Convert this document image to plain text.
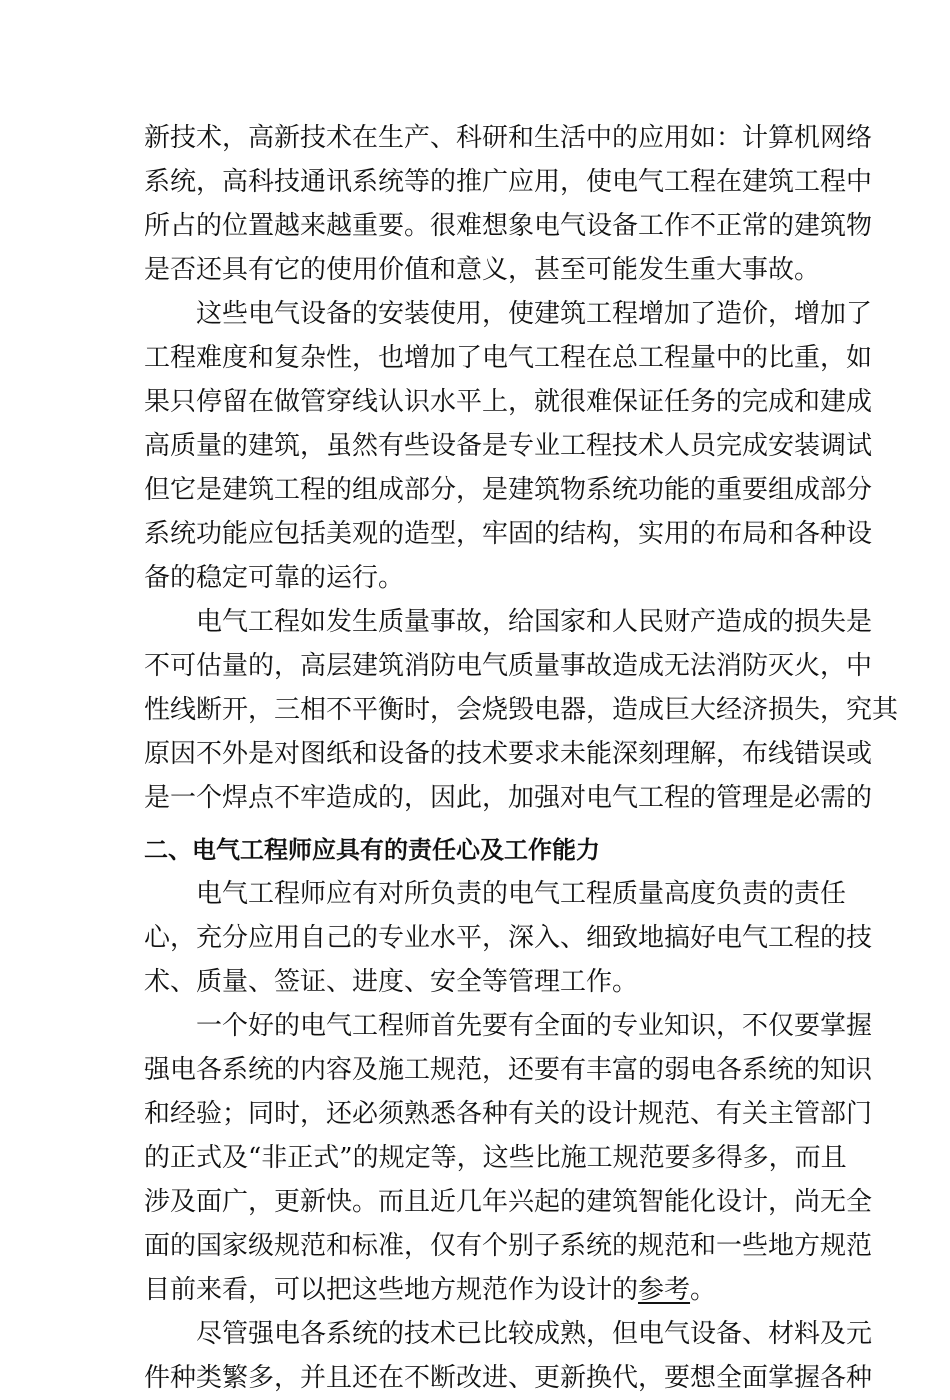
新技术，高新技术在生产、科研和生活中的应用如：计算机网络
系统，高科技通讯系统等的推广应用，使电气工程在建筑工程中
所占的位置越来越重要。很难想象电气设备工作不正常的建筑物
是否还具有它的使用价值和意义，甚至可能发生重大事故。
这些电气设备的安装使用，使建筑工程增加了造价，增加了
工程难度和复杂性，也增加了电气工程在总工程量中的比重，如
果只停留在做管穿线认识水平上，就很难保证任务的完成和建成
高质量的建筑，虽然有些设备是专业工程技术人员完成安装调试
但它是建筑工程的组成部分，是建筑物系统功能的重要组成部分
系统功能应包括美观的造型，牢固的结构，实用的布局和各种设
备的稳定可靠的运行。
电气工程如发生质量事故，给国家和人民财产造成的损失是
不可估量的，高层建筑消防电气质量事故造成无法消防灭火，中
性线断开，三相不平衡时，会烧毁电器，造成巨大经济损失，究其
原因不外是对图纸和设备的技术要求未能深刻理解，布线错误或
是一个焊点不牢造成的，因此，加强对电气工程的管理是必需的
二、电气工程师应具有的责任心及工作能力
电气工程师应有对所负责的电气工程质量高度负责的责任
心，充分应用自己的专业水平，深入、细致地搞好电气工程的技
术、质量、签证、进度、安全等管理工作。
一个好的电气工程师首先要有全面的专业知识，不仅要掌握
强电各系统的内容及施工规范，还要有丰富的弱电各系统的知识
和经验；同时，还必须熟悉各种有关的设计规范、有关主管部门
的正式及“非正式”的规定等，这些比施工规范要多得多，而且
涉及面广，更新快。而且近几年兴起的建筑智能化设计，尚无全
面的国家级规范和标准，仅有个别子系统的规范和一些地方规范
目前来看，可以把这些地方规范作为设计的参考。
尽管强电各系统的技术已比较成熟，但电气设备、材料及元
件种类繁多，并且还在不断改进、更新换代，要想全面掌握各种
